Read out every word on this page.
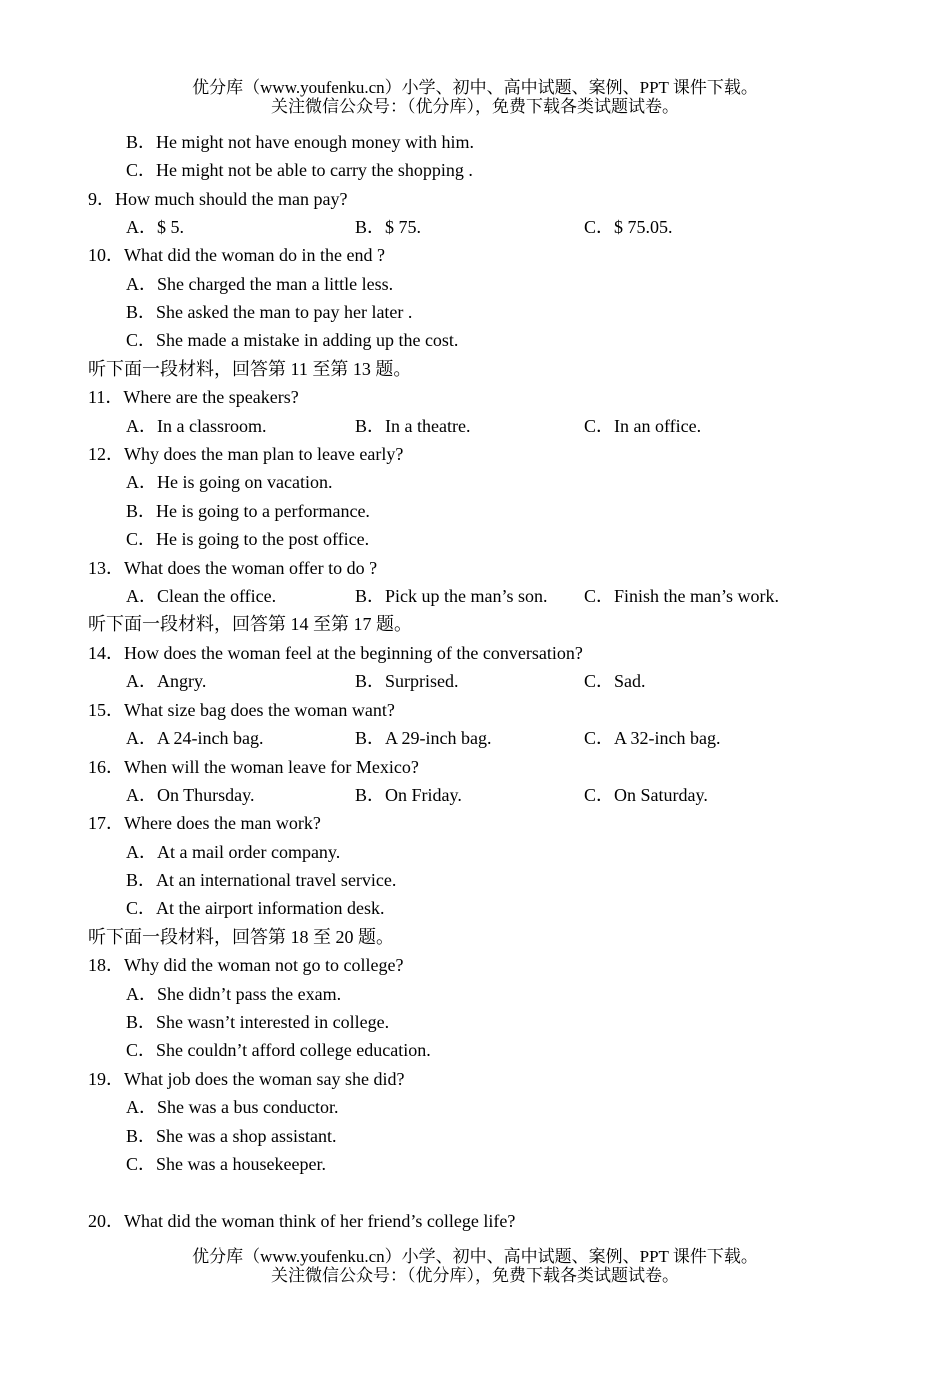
优分库（www.youfenku.cn）小学、初中、高中试题、案例、PPT 课件下载。
关注微信公众号：（优分库），免费下载各类试题试卷。
B．He might not have enough money with him.
C．He might not be able to carry the shopping .
9．How much should the man pay?
A．$ 5.	B．$ 75.	C．$ 75.05.
10．What did the woman do in the end ?
A．She charged the man a little less.
B．She asked the man to pay her later .
C．She made a mistake in adding up the cost.
听下面一段材料，回答第 11 至第 13 题。
11．Where are the speakers?
A．In a classroom.	B．In a theatre.	C．In an office.
12．Why does the man plan to leave early?
A．He is going on vacation.
B．He is going to a performance.
C．He is going to the post office.
13．What does the woman offer to do ?
A．Clean the office.	B．Pick up the man’s son. C．Finish the man’s work.
听下面一段材料，回答第 14 至第 17 题。
14．How does the woman feel at the beginning of the conversation?
A．Angry.	B．Surprised.	C．Sad.
15．What size bag does the woman want?
A．A 24-inch bag.	B．A 29-inch bag.	C．A 32-inch bag.
16．When will the woman leave for Mexico?
A．On Thursday.	B．On Friday.	C．On Saturday.
17．Where does the man work?
A．At a mail order company.
B．At an international travel service.
C．At the airport information desk.
听下面一段材料，回答第 18 至 20 题。
18．Why did the woman not go to college?
A．She didn’t pass the exam.
B．She wasn’t interested in college.
C．She couldn’t afford college education.
19．What job does the woman say she did?
A．She was a bus conductor.
B．She was a shop assistant.
C．She was a housekeeper.
20．What did the woman think of her friend’s college life?
优分库（www.youfenku.cn）小学、初中、高中试题、案例、PPT 课件下载。
关注微信公众号：（优分库），免费下载各类试题试卷。
